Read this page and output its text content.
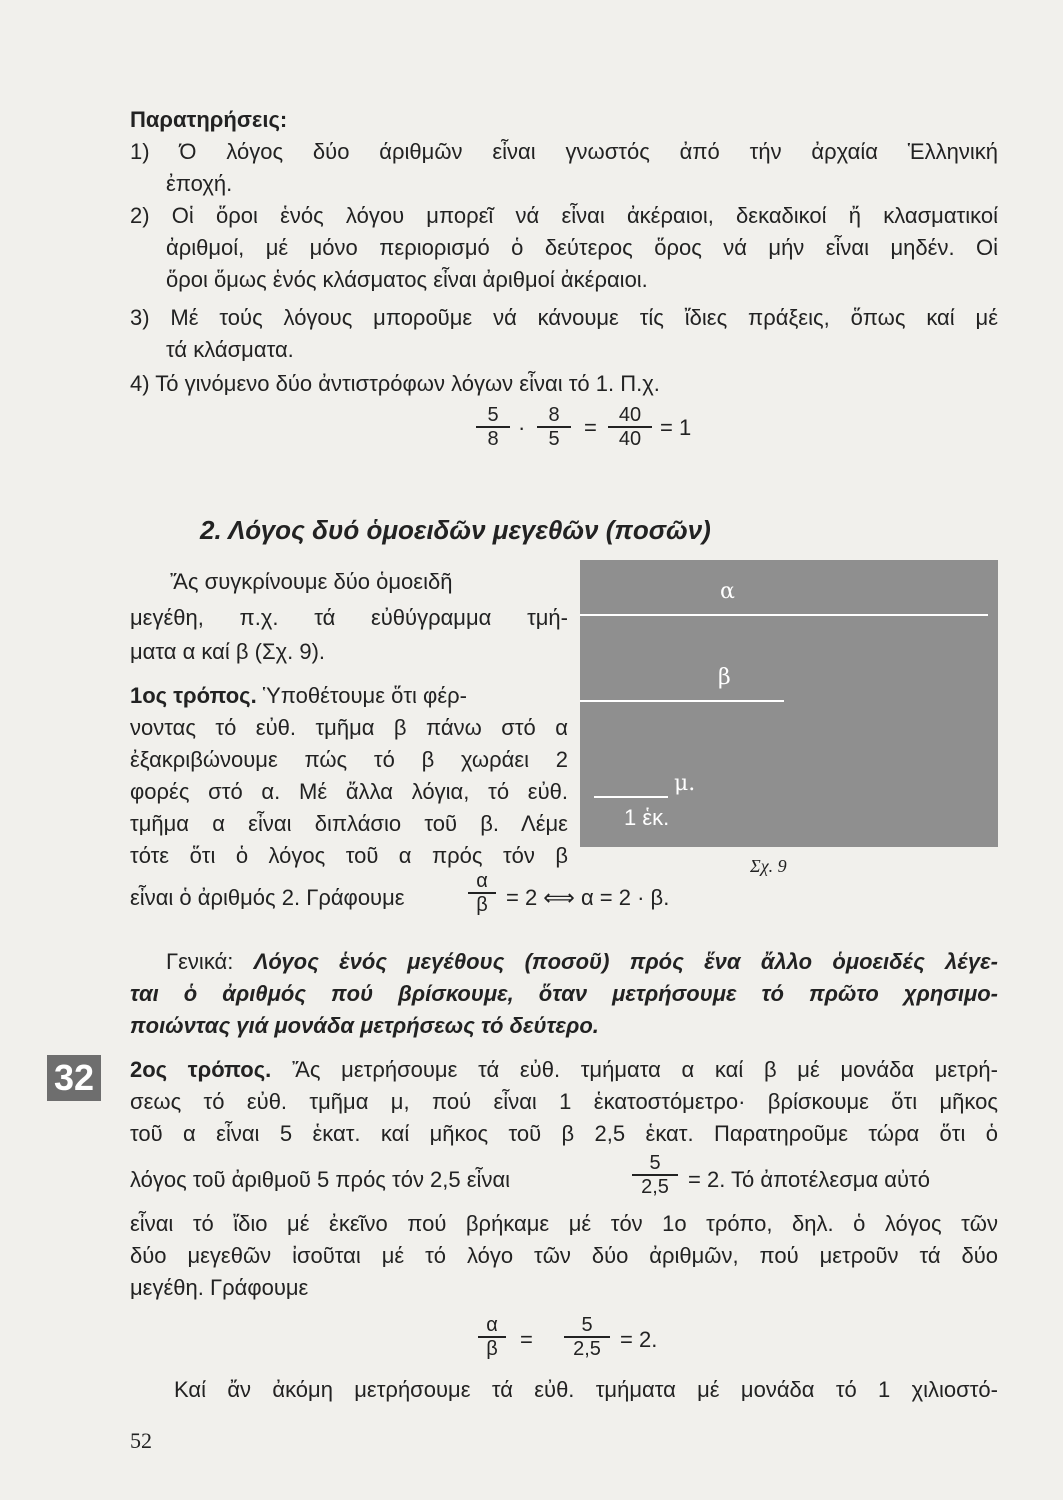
Παρατηρήσεις:
1) Ό λόγος δύο άριθμῶν εἶναι γνωστός ἀπό τήν ἀρχαία Ἑλληνική
ἐποχή.
2) Οἱ ὅροι ἑνός λόγου μπορεῖ νά εἶναι ἀκέραιοι, δεκαδικοί ἤ κλασματικοί
ἀριθμοί, μέ μόνο περιορισμό ὁ δεύτερος ὅρος νά μήν εἶναι μηδέν. Οἱ
ὅροι ὅμως ἑνός κλάσματος εἶναι ἀριθμοί ἀκέραιοι.
3) Μέ τούς λόγους μποροῦμε νά κάνουμε τίς ἴδιες πράξεις, ὅπως καί μέ
τά κλάσματα.
4) Τό γινόμενο δύο ἀντιστρόφων λόγων εἶναι τό 1. Π.χ.
$\frac{5}{8} \cdot \frac{8}{5} = \frac{40}{40} = 1$
2. Λόγος δυό ὁμοειδῶν μεγεθῶν (ποσῶν)
Ἄς συγκρίνουμε δύο ὁμοειδῆ
μεγέθη, π.χ. τά εὐθύγραμμα τμή-
ματα α καί β (Σχ. 9).
1ος τρόπος. Ὑποθέτουμε ὅτι φέρ-
νοντας τό εὐθ. τμῆμα β πάνω στό α
ἐξακριβώνουμε πώς τό β χωράει 2
φορές στό α. Μέ ἄλλα λόγια, τό εὐθ.
τμῆμα α εἶναι διπλάσιο τοῦ β. Λέμε
τότε ὅτι ὁ λόγος τοῦ α πρός τόν β
εἶναι ὁ ἀριθμός 2. Γράφουμε	$\frac{\alpha}{\beta} = 2$ ⟺ α = 2 · β.
α
β
μ.
1 ἑκ.
Σχ. 9
Γενικά: Λόγος ἑνός μεγέθους (ποσοῦ) πρός ἕνα ἄλλο ὁμοειδές λέγε-
ται ὁ ἀριθμός πού βρίσκουμε, ὅταν μετρήσουμε τό πρῶτο χρησιμο-
ποιώντας γιά μονάδα μετρήσεως τό δεύτερο.
32	2ος τρόπος. Ἄς μετρήσουμε τά εὐθ. τμήματα α καί β μέ μονάδα μετρή-
σεως τό εὐθ. τμῆμα μ, πού εἶναι 1 ἑκατοστόμετρο· βρίσκουμε ὅτι μῆκος
τοῦ α εἶναι 5 ἑκατ. καί μῆκος τοῦ β 2,5 ἑκατ. Παρατηροῦμε τώρα ὅτι ὁ
λόγος τοῦ ἀριθμοῦ 5 πρός τόν 2,5 εἶναι	$\frac{5}{2,5} = 2$. Τό ἀποτέλεσμα αὐτό
εἶναι τό ἴδιο μέ ἐκεῖνο πού βρήκαμε μέ τόν 1ο τρόπο, δηλ. ὁ λόγος τῶν
δύο μεγεθῶν ἰσοῦται μέ τό λόγο τῶν δύο ἀριθμῶν, πού μετροῦν τά δύο
μεγέθη. Γράφουμε
$\frac{\alpha}{\beta} = \frac{5}{2,5} = 2$.
Καί ἄν ἀκόμη μετρήσουμε τά εὐθ. τμήματα μέ μονάδα τό 1 χιλιοστό-
52
